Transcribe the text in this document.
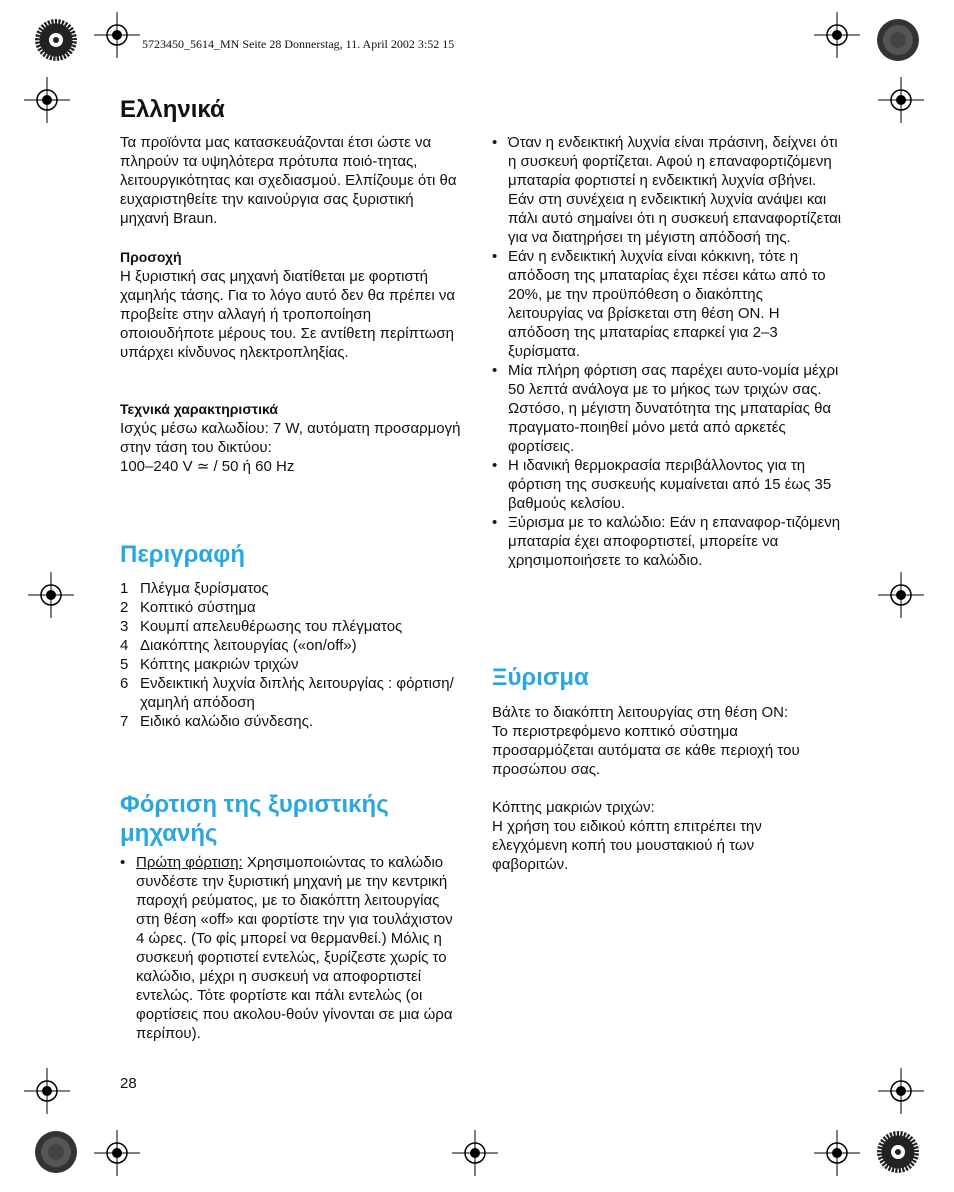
5723450_5614_MN Seite 28 Donnerstag, 11. April 2002 3:52 15
Ελληνικά

Τα προϊόντα μας κατασκευάζονται έτσι ώστε να πληρούν τα υψηλότερα πρότυπα ποιό-τητας, λειτουργικότητας και σχεδιασμού. Ελπίζουμε ότι θα ευχαριστηθείτε την καινούργια σας ξυριστική μηχανή Braun.

Προσοχή

Η ξυριστική σας μηχανή διατίθεται με φορτιστή χαμηλής τάσης. Για το λόγο αυτό δεν θα πρέπει να προβείτε στην αλλαγή ή τροποποίηση οποιουδήποτε μέρους του. Σε αντίθετη περίπτωση υπάρχει κίνδυνος ηλεκτροπληξίας.

Τεχνικά χαρακτηριστικά

Ισχύς μέσω καλωδίου: 7 W, αυτόματη προσαρμογή στην τάση του δικτύου:

100–240 V ≃ / 50 ή 60 Hz

Περιγραφή
1 Πλέγμα ξυρίσματος
2 Κοπτικό σύστημα
3 Κουμπί απελευθέρωσης του πλέγματος
4 Διακόπτης λειτουργίας («on/off»)
5 Κόπτης μακριών τριχών
6 Ενδεικτική λυχνία διπλής λειτουργίας : φόρτιση/χαμηλή απόδοση
7 Ειδικό καλώδιο σύνδεσης.
Φόρτιση της ξυριστικής μηχανής
• Πρώτη φόρτιση: Χρησιμοποιώντας το καλώδιο συνδέστε την ξυριστική μηχανή με την κεντρική παροχή ρεύματος, με το διακόπτη λειτουργίας στη θέση «off» και φορτίστε την για τουλάχιστον 4 ώρες. (Το φίς μπορεί να θερμανθεί.) Μόλις η συσκευή φορτιστεί εντελώς, ξυρίζεστε χωρίς το καλώδιο, μέχρι η συσκευή να αποφορτιστεί εντελώς. Τότε φορτίστε και πάλι εντελώς (οι φορτίσεις που ακολου-θούν γίνονται σε μια ώρα περίπου).
28
• Όταν η ενδεικτική λυχνία είναι πράσινη, δείχνει ότι η συσκευή φορτίζεται. Αφού η επαναφορτιζόμενη μπαταρία φορτιστεί η ενδεικτική λυχνία σβήνει. Εάν στη συνέχεια η ενδεικτική λυχνία ανάψει και πάλι αυτό σημαίνει ότι η συσκευή επαναφορτίζεται για να διατηρήσει τη μέγιστη απόδοσή της.
• Εάν η ενδεικτική λυχνία είναι κόκκινη, τότε η απόδοση της μπαταρίας έχει πέσει κάτω από το 20%, με την προϋπόθεση ο διακόπτης λειτουργίας να βρίσκεται στη θέση ON. Η απόδοση της μπαταρίας επαρκεί για 2–3 ξυρίσματα.
• Μία πλήρη φόρτιση σας παρέχει αυτο-νομία μέχρι 50 λεπτά ανάλογα με το μήκος των τριχών σας. Ωστόσο, η μέγιστη δυνατότητα της μπαταρίας θα πραγματο-ποιηθεί μόνο μετά από αρκετές φορτίσεις.
• Η ιδανική θερμοκρασία περιβάλλοντος για τη φόρτιση της συσκευής κυμαίνεται από 15 έως 35 βαθμούς κελσίου.
• Ξύρισμα με το καλώδιο: Εάν η επαναφορ-τιζόμενη μπαταρία έχει αποφορτιστεί, μπορείτε να χρησιμοποιήσετε το καλώδιο.
Ξύρισμα

Βάλτε το διακόπτη λειτουργίας στη θέση ON:

Το περιστρεφόμενο κοπτικό σύστημα προσαρμόζεται αυτόματα σε κάθε περιοχή του προσώπου σας.

Κόπτης μακριών τριχών:

Η χρήση του ειδικού κόπτη επιτρέπει την ελεγχόμενη κοπή του μουστακιού ή των φαβοριτών.
